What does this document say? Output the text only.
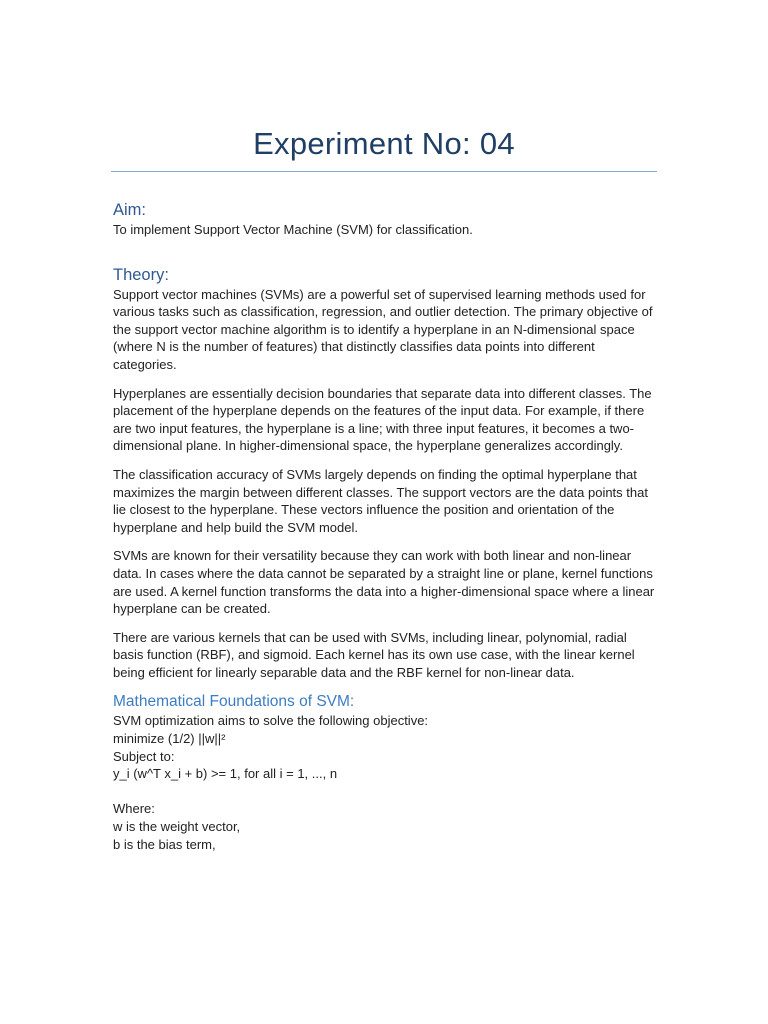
Experiment No: 04
Aim:

To implement Support Vector Machine (SVM) for classification.

Theory:

Support vector machines (SVMs) are a powerful set of supervised learning methods used for various tasks such as classification, regression, and outlier detection. The primary objective of the support vector machine algorithm is to identify a hyperplane in an N-dimensional space (where N is the number of features) that distinctly classifies data points into different categories.

Hyperplanes are essentially decision boundaries that separate data into different classes. The placement of the hyperplane depends on the features of the input data. For example, if there are two input features, the hyperplane is a line; with three input features, it becomes a two-dimensional plane. In higher-dimensional space, the hyperplane generalizes accordingly.

The classification accuracy of SVMs largely depends on finding the optimal hyperplane that maximizes the margin between different classes. The support vectors are the data points that lie closest to the hyperplane. These vectors influence the position and orientation of the hyperplane and help build the SVM model.

SVMs are known for their versatility because they can work with both linear and non-linear data. In cases where the data cannot be separated by a straight line or plane, kernel functions are used. A kernel function transforms the data into a higher-dimensional space where a linear hyperplane can be created.

There are various kernels that can be used with SVMs, including linear, polynomial, radial basis function (RBF), and sigmoid. Each kernel has its own use case, with the linear kernel being efficient for linearly separable data and the RBF kernel for non-linear data.

Mathematical Foundations of SVM:

SVM optimization aims to solve the following objective:

minimize (1/2) ||w||²

Subject to:

y_i (w^T x_i + b) >= 1, for all i = 1, ..., n

Where:

w is the weight vector,

b is the bias term,
